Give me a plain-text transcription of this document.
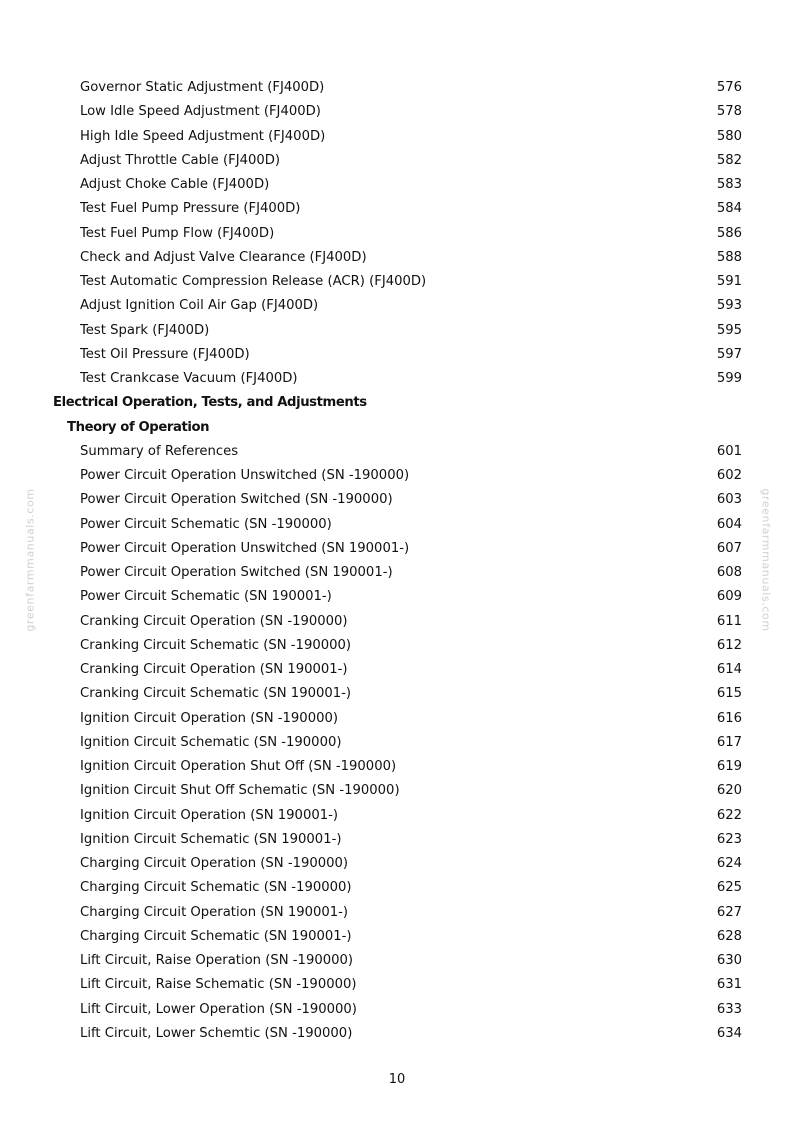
greenfarmmanuals.com	greenfarmmanuals.com
Governor Static Adjustment (FJ400D)	576
Low Idle Speed Adjustment (FJ400D)	578
High Idle Speed Adjustment (FJ400D)	580
Adjust Throttle Cable (FJ400D)	582
Adjust Choke Cable (FJ400D)	583
Test Fuel Pump Pressure (FJ400D)	584
Test Fuel Pump Flow (FJ400D)	586
Check and Adjust Valve Clearance (FJ400D)	588
Test Automatic Compression Release (ACR) (FJ400D)	591
Adjust Ignition Coil Air Gap (FJ400D)	593
Test Spark (FJ400D)	595
Test Oil Pressure (FJ400D)	597
Test Crankcase Vacuum (FJ400D)	599
Electrical Operation, Tests, and Adjustments
Theory of Operation
Summary of References	601
Power Circuit Operation Unswitched (SN -190000)	602
Power Circuit Operation Switched (SN -190000)	603
Power Circuit Schematic (SN -190000)	604
Power Circuit Operation Unswitched (SN 190001-)	607
Power Circuit Operation Switched (SN 190001-)	608
Power Circuit Schematic (SN 190001-)	609
Cranking Circuit Operation (SN -190000)	611
Cranking Circuit Schematic (SN -190000)	612
Cranking Circuit Operation (SN 190001-)	614
Cranking Circuit Schematic (SN 190001-)	615
Ignition Circuit Operation (SN -190000)	616
Ignition Circuit Schematic (SN -190000)	617
Ignition Circuit Operation Shut Off (SN -190000)	619
Ignition Circuit Shut Off Schematic (SN -190000)	620
Ignition Circuit Operation (SN 190001-)	622
Ignition Circuit Schematic (SN 190001-)	623
Charging Circuit Operation (SN -190000)	624
Charging Circuit Schematic (SN -190000)	625
Charging Circuit Operation (SN 190001-)	627
Charging Circuit Schematic (SN 190001-)	628
Lift Circuit, Raise Operation (SN -190000)	630
Lift Circuit, Raise Schematic (SN -190000)	631
Lift Circuit, Lower Operation (SN -190000)	633
Lift Circuit, Lower Schemtic (SN -190000)	634
10
